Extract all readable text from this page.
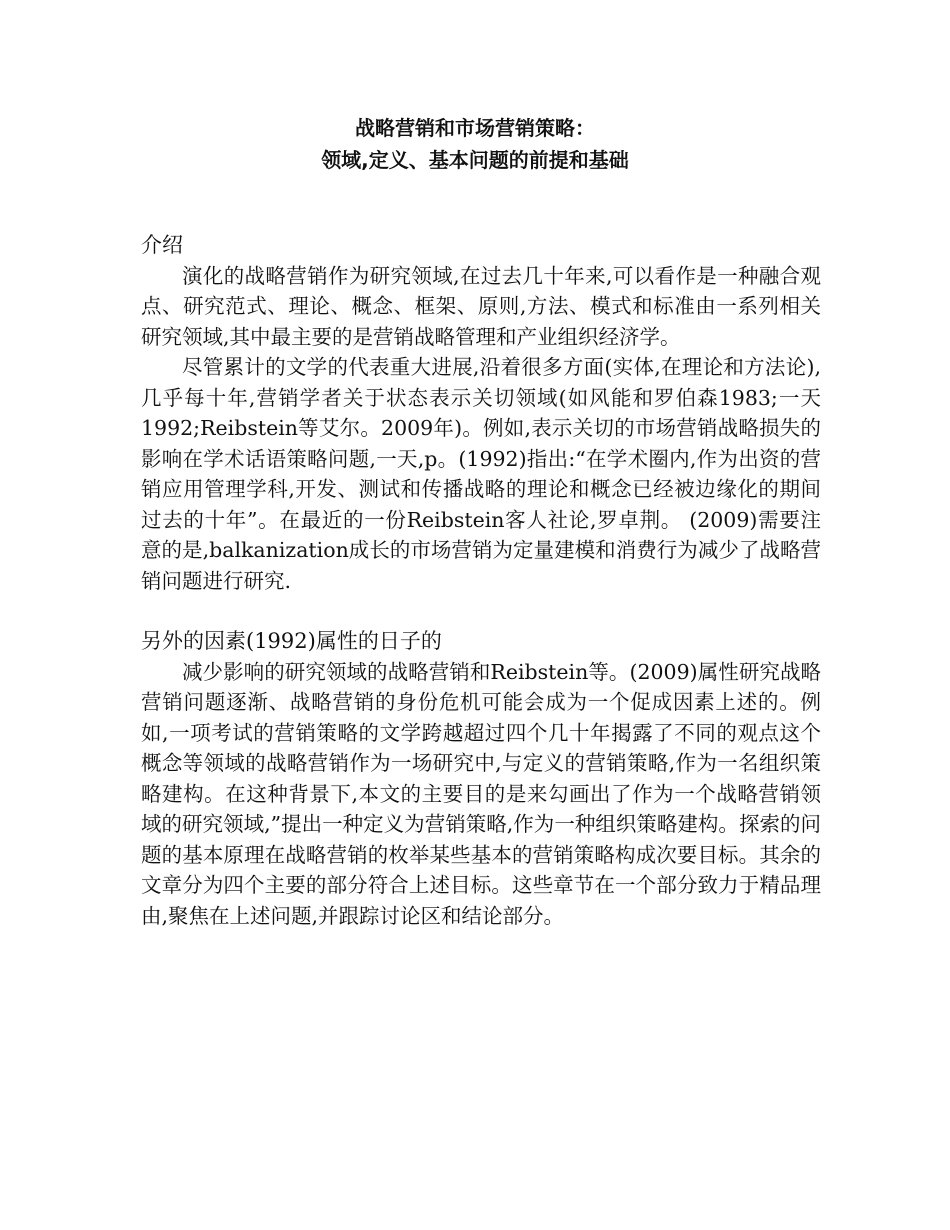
战略营销和市场营销策略：
领域,定义、基本问题的前提和基础

介绍

演化的战略营销作为研究领域,在过去几十年来,可以看作是一种融合观点、研究范式、理论、概念、框架、原则,方法、模式和标准由一系列相关研究领域,其中最主要的是营销战略管理和产业组织经济学。

尽管累计的文学的代表重大进展,沿着很多方面(实体,在理论和方法论),几乎每十年,营销学者关于状态表示关切领域(如风能和罗伯森1983;一天1992;Reibstein等艾尔。2009年)。例如,表示关切的市场营销战略损失的影响在学术话语策略问题,一天,p。(1992)指出:“在学术圈内,作为出资的营销应用管理学科,开发、测试和传播战略的理论和概念已经被边缘化的期间过去的十年”。在最近的一份Reibstein客人社论,罗卓荆。 (2009)需要注意的是,balkanization成长的市场营销为定量建模和消费行为减少了战略营销问题进行研究.

另外的因素(1992)属性的日子的

减少影响的研究领域的战略营销和Reibstein等。(2009)属性研究战略营销问题逐渐、战略营销的身份危机可能会成为一个促成因素上述的。例如,一项考试的营销策略的文学跨越超过四个几十年揭露了不同的观点这个概念等领域的战略营销作为一场研究中,与定义的营销策略,作为一名组织策略建构。在这种背景下,本文的主要目的是来勾画出了作为一个战略营销领域的研究领域,”提出一种定义为营销策略,作为一种组织策略建构。探索的问题的基本原理在战略营销的枚举某些基本的营销策略构成次要目标。其余的文章分为四个主要的部分符合上述目标。这些章节在一个部分致力于精品理由,聚焦在上述问题,并跟踪讨论区和结论部分。
